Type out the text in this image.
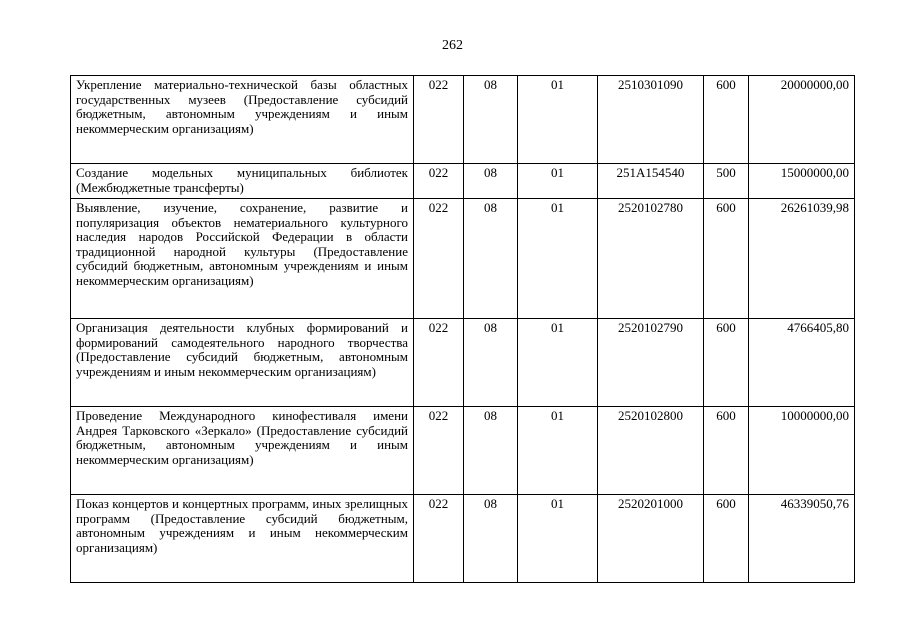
262
Укрепление материально-технической базы областных государственных музеев (Предоставление субсидий бюджетным, автономным учреждениям и иным некоммерческим организациям)	022	08	01	2510301090	600	20000000,00
Создание модельных муниципальных библиотек (Межбюджетные трансферты)	022	08	01	251А154540	500	15000000,00
Выявление, изучение, сохранение, развитие и популяризация объектов нематериального культурного наследия народов Российской Федерации в области традиционной народной культуры (Предоставление субсидий бюджетным, автономным учреждениям и иным некоммерческим организациям)	022	08	01	2520102780	600	26261039,98
Организация деятельности клубных формирований и формирований самодеятельного народного творчества (Предоставление субсидий бюджетным, автономным учреждениям и иным некоммерческим организациям)	022	08	01	2520102790	600	4766405,80
Проведение Международного кинофестиваля имени Андрея Тарковского «Зеркало» (Предоставление субсидий бюджетным, автономным учреждениям и иным некоммерческим организациям)	022	08	01	2520102800	600	10000000,00
Показ концертов и концертных программ, иных зрелищных программ (Предоставление субсидий бюджетным, автономным учреждениям и иным некоммерческим организациям)	022	08	01	2520201000	600	46339050,76
